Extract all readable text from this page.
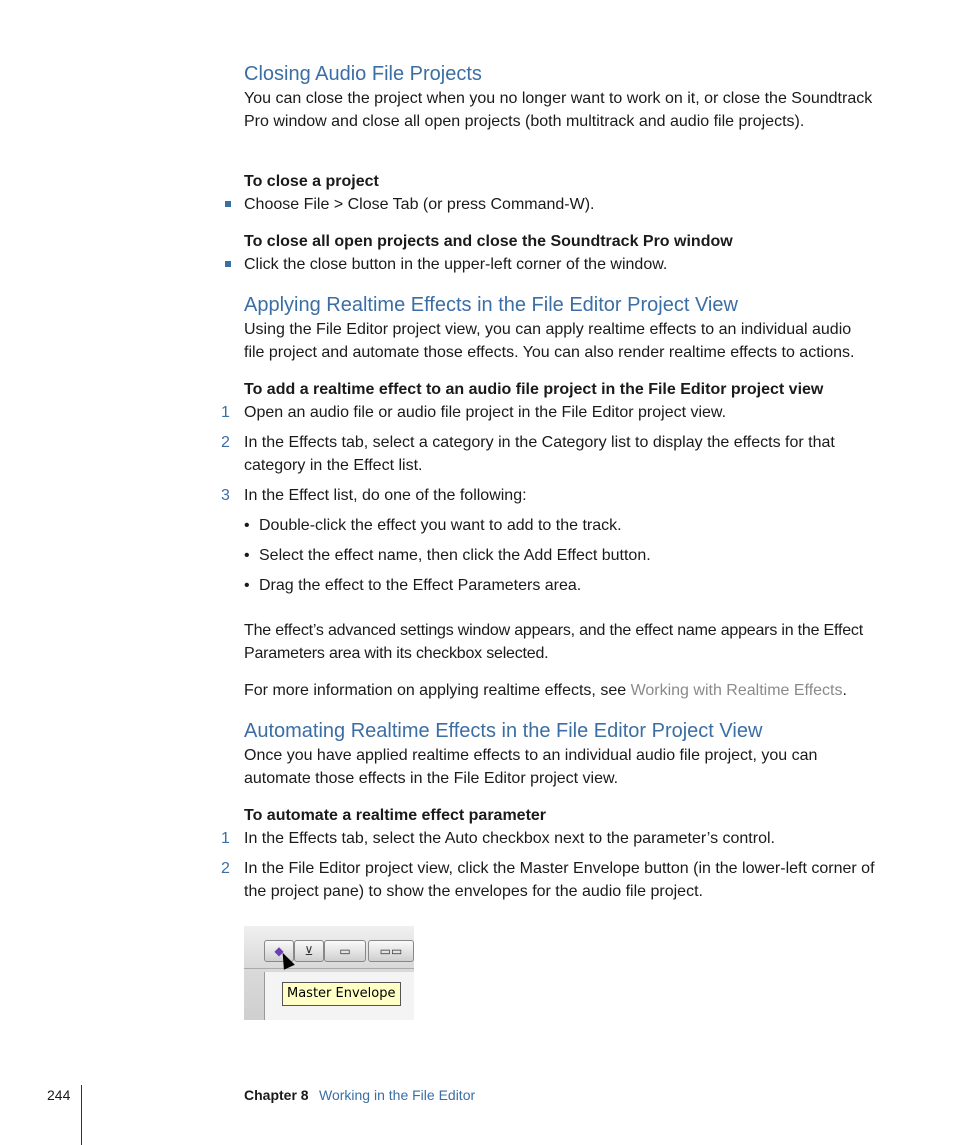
Closing Audio File Projects
You can close the project when you no longer want to work on it, or close the Soundtrack Pro window and close all open projects (both multitrack and audio file projects).
To close a project
Choose File > Close Tab (or press Command-W).
To close all open projects and close the Soundtrack Pro window
Click the close button in the upper-left corner of the window.
Applying Realtime Effects in the File Editor Project View
Using the File Editor project view, you can apply realtime effects to an individual audio file project and automate those effects. You can also render realtime effects to actions.
To add a realtime effect to an audio file project in the File Editor project view
1 Open an audio file or audio file project in the File Editor project view.
2 In the Effects tab, select a category in the Category list to display the effects for that category in the Effect list.
3 In the Effect list, do one of the following:
• Double-click the effect you want to add to the track.
• Select the effect name, then click the Add Effect button.
• Drag the effect to the Effect Parameters area.
The effect’s advanced settings window appears, and the effect name appears in the Effect Parameters area with its checkbox selected.
For more information on applying realtime effects, see Working with Realtime Effects.
Automating Realtime Effects in the File Editor Project View
Once you have applied realtime effects to an individual audio file project, you can automate those effects in the File Editor project view.
To automate a realtime effect parameter
1 In the Effects tab, select the Auto checkbox next to the parameter’s control.
2 In the File Editor project view, click the Master Envelope button (in the lower-left corner of the project pane) to show the envelopes for the audio file project.
◆	⊻	▭	▭▭
Master Envelope
244	Chapter 8 Working in the File Editor
